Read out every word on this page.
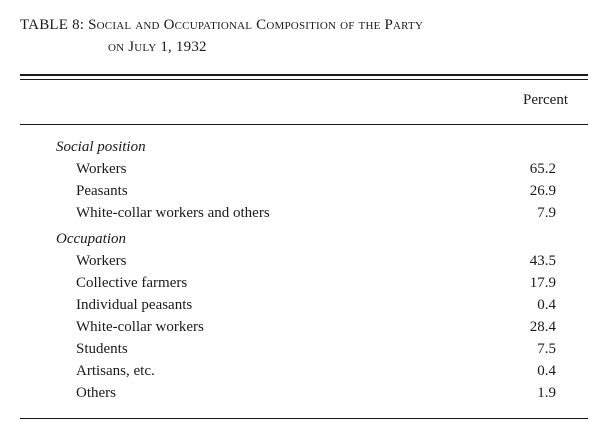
TABLE 8: Social and Occupational Composition of the Party
on July 1, 1932
Percent
Social position
Workers	65.2
Peasants	26.9
White-collar workers and others	7.9
Occupation
Workers	43.5
Collective farmers	17.9
Individual peasants	0.4
White-collar workers	28.4
Students	7.5
Artisans, etc.	0.4
Others	1.9
